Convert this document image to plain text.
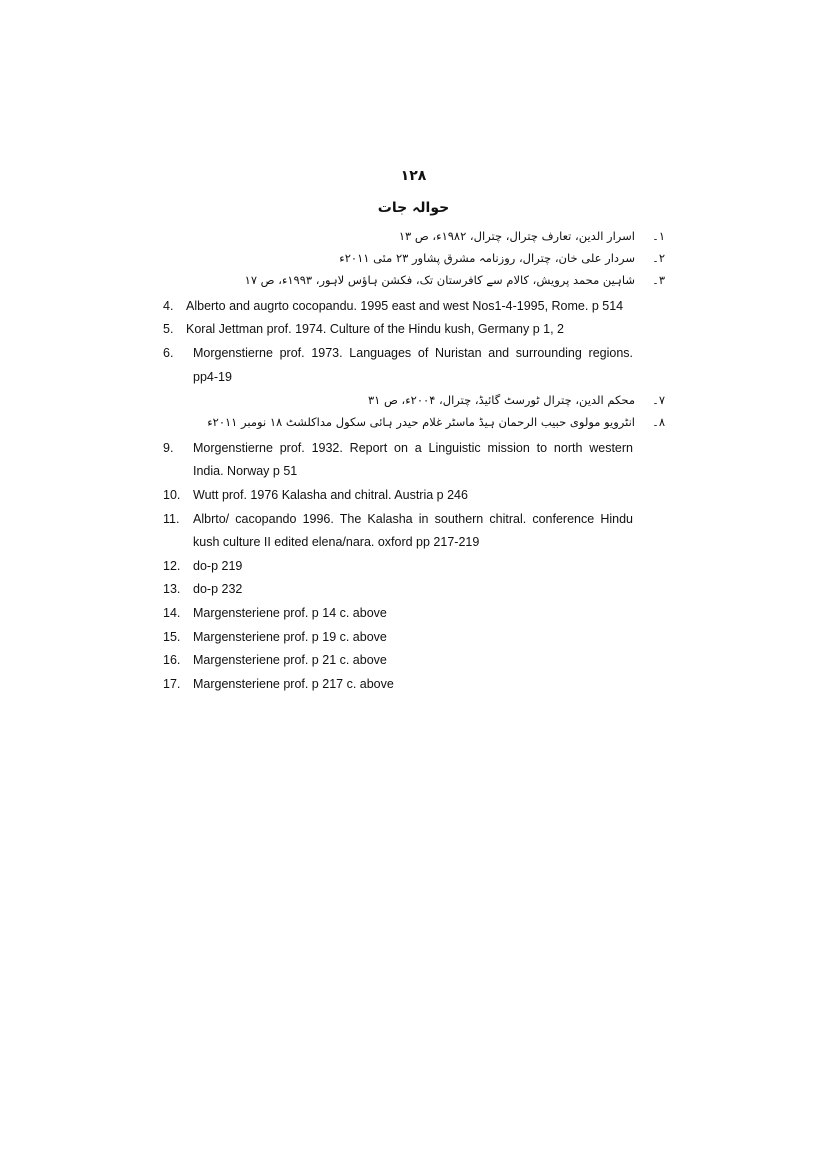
۱۲۸
حوالہ جات
۱۔اسرار الدین، تعارف چترال، چترال، ۱۹۸۲ء، ص ۱۳
۲۔سردار علی خان، چترال، روزنامہ مشرق پشاور ۲۳ مئی ۲۰۱۱ء
۳۔شاہین محمد پرویش، کالام سے کافرستان تک، فکشن ہاؤس لاہور، ۱۹۹۳ء، ص ۱۷
4. Alberto and augrto cocopandu. 1995 east and west Nos1-4-1995, Rome. p 514
5. Koral Jettman prof. 1974. Culture of the Hindu kush, Germany p 1, 2
6. Morgenstierne prof. 1973. Languages of Nuristan and surrounding regions.
pp4-19
۷۔محکم الدین، چترال ٹورسٹ گائیڈ، چترال، ۲۰۰۴ء، ص ۳۱
۸۔انٹرویو مولوی حبیب الرحمان ہیڈ ماسٹر غلام حیدر ہائی سکول مداکلشٹ ۱۸ نومبر ۲۰۱۱ء
9. Morgenstierne prof. 1932. Report on a Linguistic mission to north western
India. Norway p 51
10. Wutt prof. 1976 Kalasha and chitral. Austria p 246
11. Albrto/ cacopando 1996. The Kalasha in southern chitral. conference Hindu
kush culture II edited elena/nara. oxford pp 217-219
12. do-p 219
13. do-p 232
14. Margensteriene prof. p 14 c. above
15. Margensteriene prof. p 19 c. above
16. Margensteriene prof. p 21 c. above
17. Margensteriene prof. p 217 c. above
